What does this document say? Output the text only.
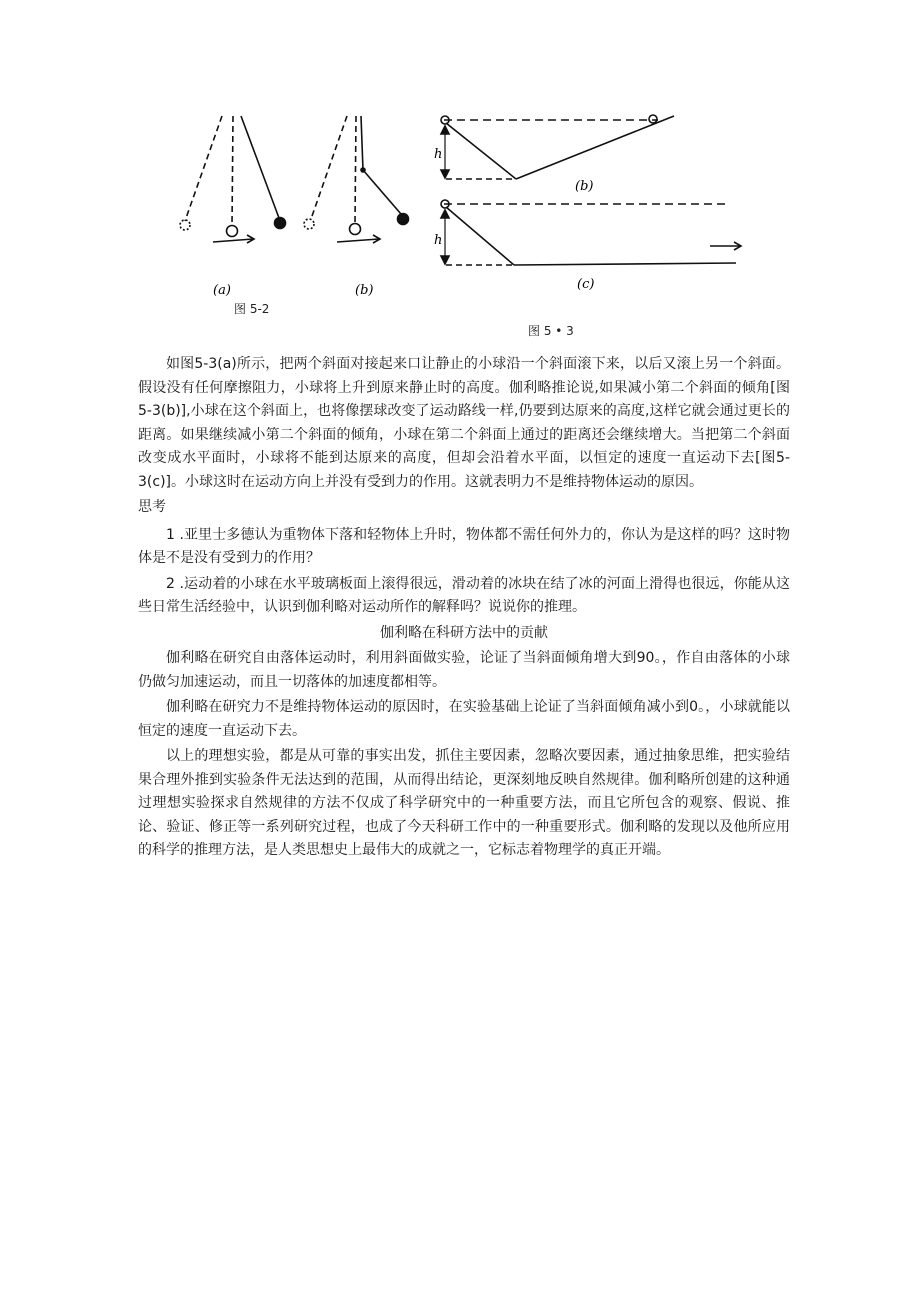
(a)	(b)
图 5-2
h
h
(b)
(c)
图 5 • 3

如图5-3(a)所示，把两个斜面对接起来口让静止的小球沿一个斜面滚下来，以后又滚上另一个斜面。假设没有任何摩擦阻力，小球将上升到原来静止时的高度。伽利略推论说,如果减小第二个斜面的倾角[图5-3(b)],小球在这个斜面上，也将像摆球改变了运动路线一样,仍要到达原来的高度,这样它就会通过更长的距离。如果继续减小第二个斜面的倾角，小球在第二个斜面上通过的距离还会继续增大。当把第二个斜面改变成水平面时，小球将不能到达原来的高度，但却会沿着水平面，以恒定的速度一直运动下去[图5-3(c)]。小球这时在运动方向上并没有受到力的作用。这就表明力不是维持物体运动的原因。

思考

1 .亚里士多德认为重物体下落和轻物体上升时，物体都不需任何外力的，你认为是这样的吗？这时物体是不是没有受到力的作用？

2 .运动着的小球在水平玻璃板面上滚得很远，滑动着的冰块在结了冰的河面上滑得也很远，你能从这些日常生活经验中，认识到伽利略对运动所作的解释吗？说说你的推理。

伽利略在科研方法中的贡献

伽利略在研究自由落体运动时，利用斜面做实验，论证了当斜面倾角增大到90。，作自由落体的小球仍做匀加速运动，而且一切落体的加速度都相等。

伽利略在研究力不是维持物体运动的原因时，在实验基础上论证了当斜面倾角减小到0。，小球就能以恒定的速度一直运动下去。

以上的理想实验，都是从可靠的事实出发，抓住主要因素，忽略次要因素，通过抽象思维，把实验结果合理外推到实验条件无法达到的范围，从而得出结论，更深刻地反映自然规律。伽利略所创建的这种通过理想实验探求自然规律的方法不仅成了科学研究中的一种重要方法，而且它所包含的观察、假说、推论、验证、修正等一系列研究过程，也成了今天科研工作中的一种重要形式。伽利略的发现以及他所应用的科学的推理方法，是人类思想史上最伟大的成就之一，它标志着物理学的真正开端。
